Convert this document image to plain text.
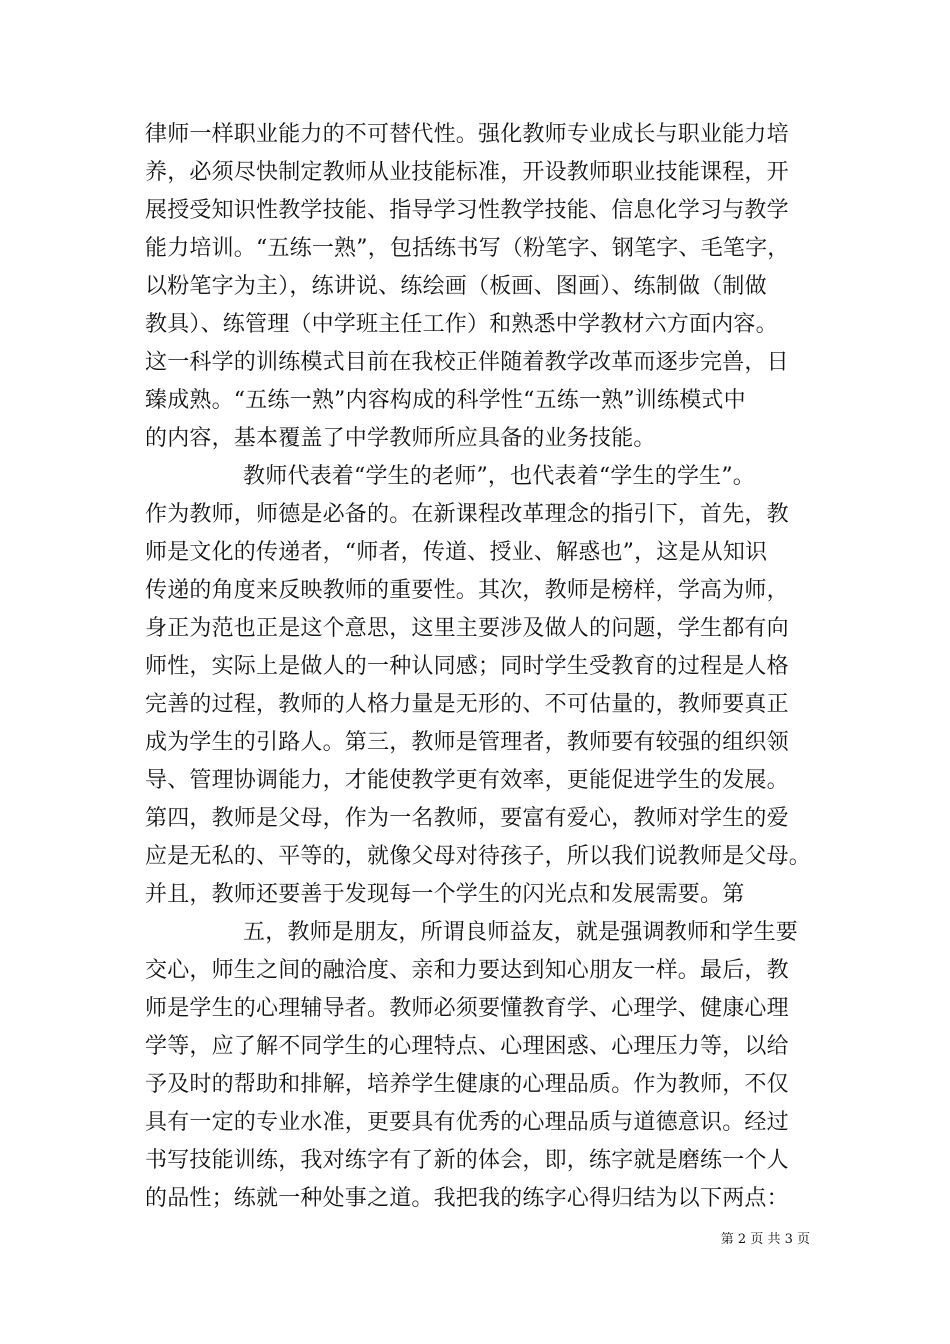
律师一样职业能力的不可替代性。强化教师专业成长与职业能力培
养，必须尽快制定教师从业技能标准，开设教师职业技能课程，开
展授受知识性教学技能、指导学习性教学技能、信息化学习与教学
能力培训。“五练一熟”，包括练书写（粉笔字、钢笔字、毛笔字，
以粉笔字为主），练讲说、练绘画（板画、图画）、练制做（制做
教具）、练管理（中学班主任工作）和熟悉中学教材六方面内容。
这一科学的训练模式目前在我校正伴随着教学改革而逐步完兽，日
臻成熟。“五练一熟”内容构成的科学性“五练一熟”训练模式中
的内容，基本覆盖了中学教师所应具备的业务技能。
教师代表着“学生的老师”，也代表着“学生的学生”。
作为教师，师德是必备的。在新课程改革理念的指引下，首先，教
师是文化的传递者，“师者，传道、授业、解惑也”，这是从知识
传递的角度来反映教师的重要性。其次，教师是榜样，学高为师，
身正为范也正是这个意思，这里主要涉及做人的问题，学生都有向
师性，实际上是做人的一种认同感；同时学生受教育的过程是人格
完善的过程，教师的人格力量是无形的、不可估量的，教师要真正
成为学生的引路人。第三，教师是管理者，教师要有较强的组织领
导、管理协调能力，才能使教学更有效率，更能促进学生的发展。
第四，教师是父母，作为一名教师，要富有爱心，教师对学生的爱
应是无私的、平等的，就像父母对待孩子，所以我们说教师是父母。
并且，教师还要善于发现每一个学生的闪光点和发展需要。第
五，教师是朋友，所谓良师益友，就是强调教师和学生要
交心，师生之间的融洽度、亲和力要达到知心朋友一样。最后，教
师是学生的心理辅导者。教师必须要懂教育学、心理学、健康心理
学等，应了解不同学生的心理特点、心理困惑、心理压力等，以给
予及时的帮助和排解，培养学生健康的心理品质。作为教师，不仅
具有一定的专业水准，更要具有优秀的心理品质与道德意识。经过
书写技能训练，我对练字有了新的体会，即，练字就是磨练一个人
的品性；练就一种处事之道。我把我的练字心得归结为以下两点：
第 2 页 共 3 页
